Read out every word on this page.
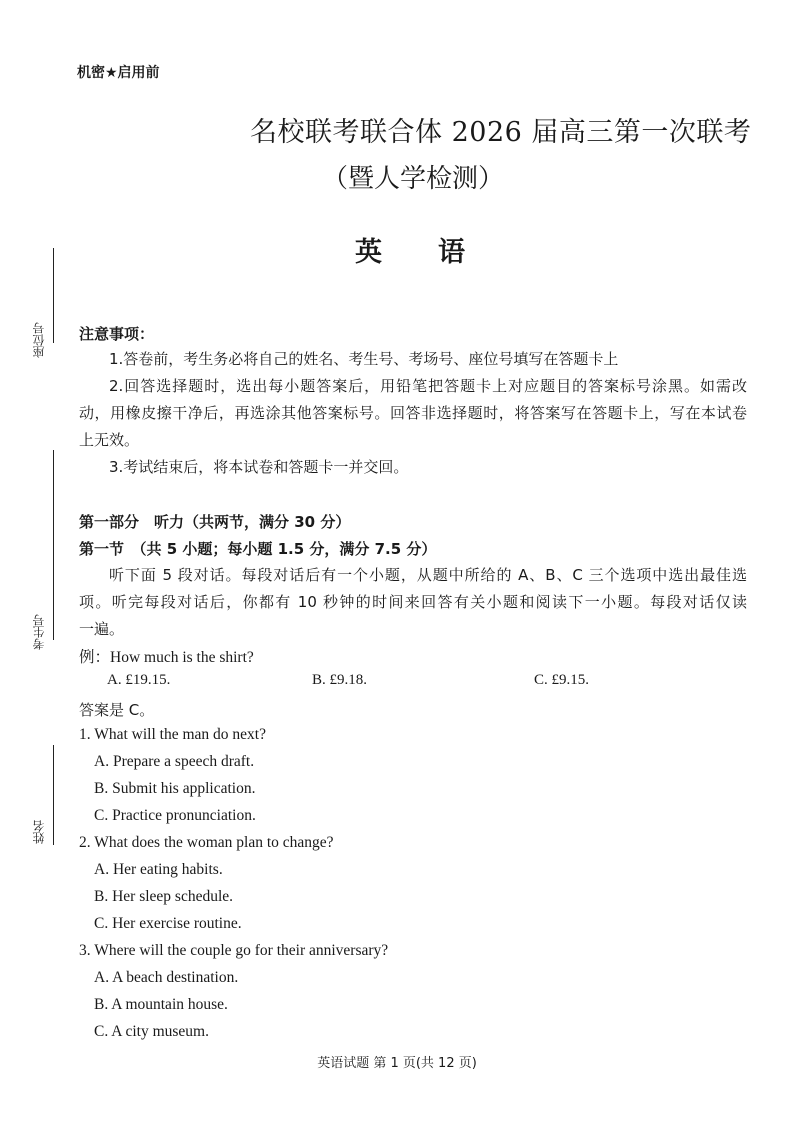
机密★启用前
名校联考联合体 2026 届高三第一次联考
（暨人学检测）
英语
座位号
考生号
姓名
注意事项：
1.答卷前，考生务必将自己的姓名、考生号、考场号、座位号填写在答题卡上
2.回答选择题时，选出每小题答案后，用铅笔把答题卡上对应题目的答案标号涂黑。如需改
动，用橡皮擦干净后，再选涂其他答案标号。回答非选择题时，将答案写在答题卡上，写在本试卷
上无效。
3.考试结束后，将本试卷和答题卡一并交回。
第一部分　听力（共两节，满分 30 分）
第一节　（共 5 小题；每小题 1.5 分，满分 7.5 分）
听下面 5 段对话。每段对话后有一个小题，从题中所给的 A、B、C 三个选项中选出最佳选
项。听完每段对话后，你都有 10 秒钟的时间来回答有关小题和阅读下一小题。每段对话仅读
一遍。
例：How much is the shirt?
A. £19.15.	B. £9.18.	C. £9.15.
答案是 C。
1. What will the man do next?
A. Prepare a speech draft.
B. Submit his application.
C. Practice pronunciation.
2. What does the woman plan to change?
A. Her eating habits.
B. Her sleep schedule.
C. Her exercise routine.
3. Where will the couple go for their anniversary?
A. A beach destination.
B. A mountain house.
C. A city museum.
英语试题 第 1 页(共 12 页)
